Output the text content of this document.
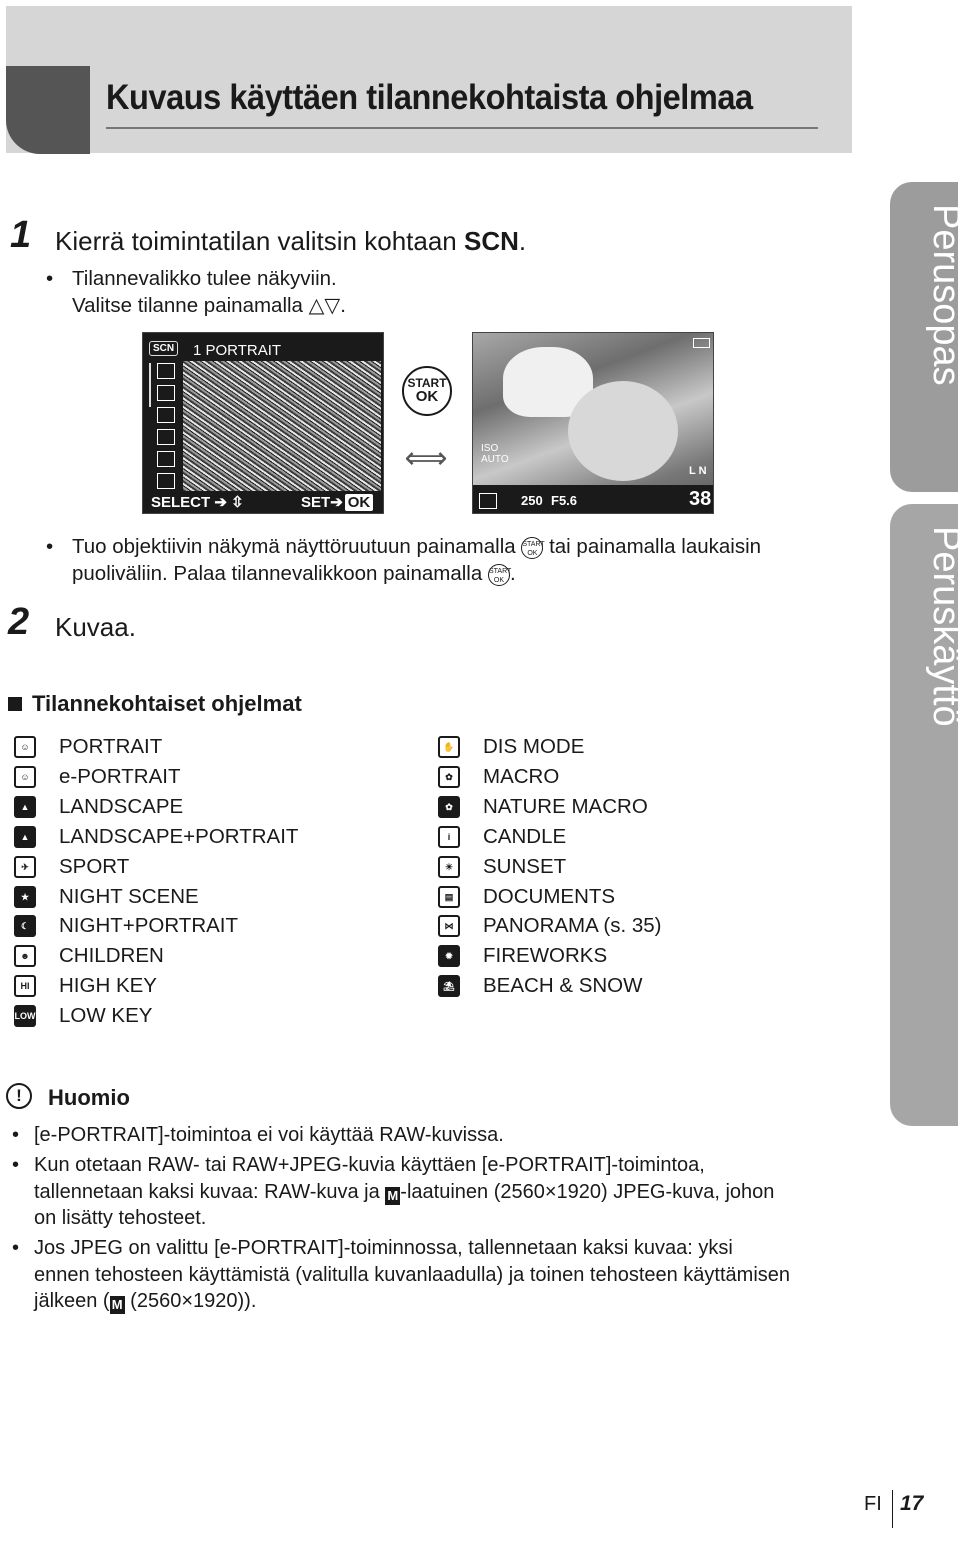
Kuvaus käyttäen tilannekohtaista ohjelmaa
Perusopas
Peruskäyttö
1 Kierrä toimintatilan valitsin kohtaan SCN.
• Tilannevalikko tulee näkyviin.
Valitse tilanne painamalla △▽.
SCN 1 PORTRAIT
SELECT ➔ ⇳	SET➔ OK
START
OK
⟺	ISO
AUTO
L N
250 F5.6	38
• Tuo objektiivin näkymä näyttöruutuun painamalla START
OK tai painamalla laukaisin
puoliväliin. Palaa tilannevalikkoon painamalla START
OK .
2 Kuvaa.
Tilannekohtaiset ohjelmat
☺	PORTRAIT
☺	e-PORTRAIT
▲	LANDSCAPE
▲	LANDSCAPE+PORTRAIT
✈	SPORT
★	NIGHT SCENE
☾	NIGHT+PORTRAIT
☻	CHILDREN
HI	HIGH KEY
LOW LOW KEY
✋ DIS MODE
✿	MACRO
✿	NATURE MACRO
i	CANDLE
☀	SUNSET
▤	DOCUMENTS
⋈	PANORAMA (s. 35)
✹	FIREWORKS
⛱ BEACH & SNOW
!	Huomio
• [e-PORTRAIT]-toimintoa ei voi käyttää RAW-kuvissa.
• Kun otetaan RAW- tai RAW+JPEG-kuvia käyttäen [e-PORTRAIT]-toimintoa,
tallennetaan kaksi kuvaa: RAW-kuva ja M -laatuinen (2560×1920) JPEG-kuva, johon
on lisätty tehosteet.
• Jos JPEG on valittu [e-PORTRAIT]-toiminnossa, tallennetaan kaksi kuvaa: yksi
ennen tehosteen käyttämistä (valitulla kuvanlaadulla) ja toinen tehosteen käyttämisen
jälkeen ( M (2560×1920)).
FI 17
